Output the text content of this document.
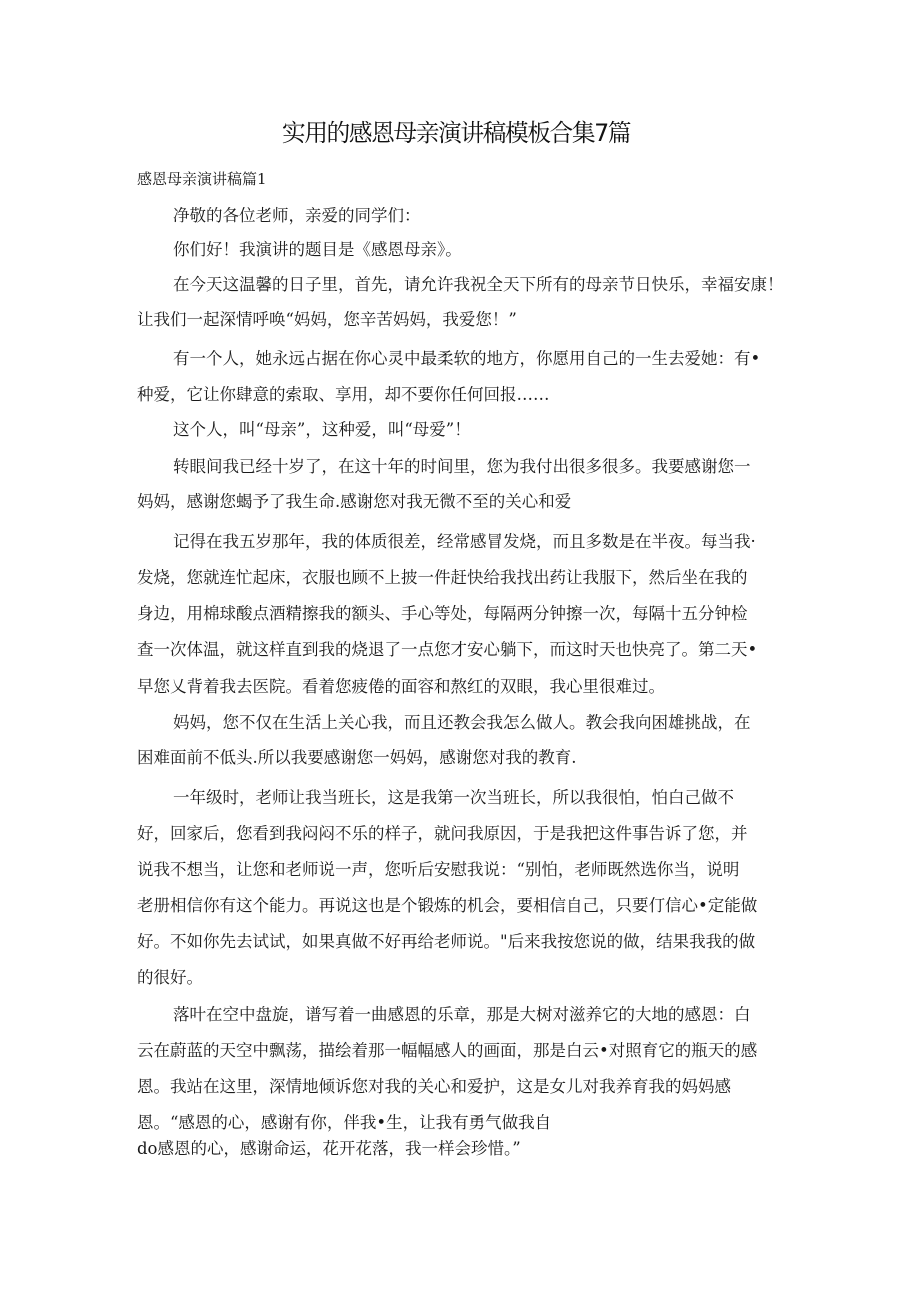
实用的感恩母亲演讲稿模板合集7篇
感恩母亲演讲稿篇1
净敬的各位老师，亲爱的同学们：
你们好！我演讲的题目是《感恩母亲》。
在今天这温馨的日子里，首先，请允许我祝全天下所有的母亲节日快乐，幸福安康！
让我们一起深情呼唤“妈妈，您辛苦妈妈，我爱您！”
有一个人，她永远占据在你心灵中最柔软的地方，你愿用自己的一生去爱她：有•
种爱，它让你肆意的索取、享用，却不要你任何回报……
这个人，叫“母亲”，这种爱，叫“母爱”！
转眼间我已经十岁了，在这十年的时间里，您为我付出很多很多。我要感谢您一
妈妈，感谢您蝎予了我生命.感谢您对我无微不至的关心和爱
记得在我五岁那年，我的体质很差，经常感冒发烧，而且多数是在半夜。每当我·
发烧，您就连忙起床，衣服也顾不上披一件赶快给我找出药让我服下，然后坐在我的
身边，用棉球酸点酒精擦我的额头、手心等处，每隔两分钟擦一次，每隔十五分钟检
查一次体温，就这样直到我的烧退了一点您才安心躺下，而这时天也快亮了。第二天•
早您乂背着我去医院。看着您疲倦的面容和熬红的双眼，我心里很难过。
妈妈，您不仅在生活上关心我，而且还教会我怎么做人。教会我向困雄挑战，在
困难面前不低头.所以我要感谢您一妈妈，感谢您对我的教育.
一年级时，老师让我当班长，这是我第一次当班长，所以我很怕，怕白己做不
好，回家后，您看到我闷闷不乐的样子，就问我原因，于是我把这件事告诉了您，并
说我不想当，让您和老师说一声，您听后安慰我说：“别怕，老师既然选你当，说明
老册相信你有这个能力。再说这也是个锻炼的机会，要相信自己，只要仃信心•定能做
好。不如你先去试试，如果真做不好再给老师说。"后来我按您说的做，结果我我的做
的很好。
落叶在空中盘旋，谱写着一曲感恩的乐章，那是大树对滋养它的大地的感恩：白
云在蔚蓝的天空中飘荡，描绘着那一幅幅感人的画面，那是白云•对照育它的瓶天的感
恩。我站在这里，深情地倾诉您对我的关心和爱护，这是女儿对我养育我的妈妈感
恩。“感恩的心，感谢有你，伴我•生，让我有勇气做我自
do感恩的心，感谢命运，花开花落，我一样会珍惜。”
